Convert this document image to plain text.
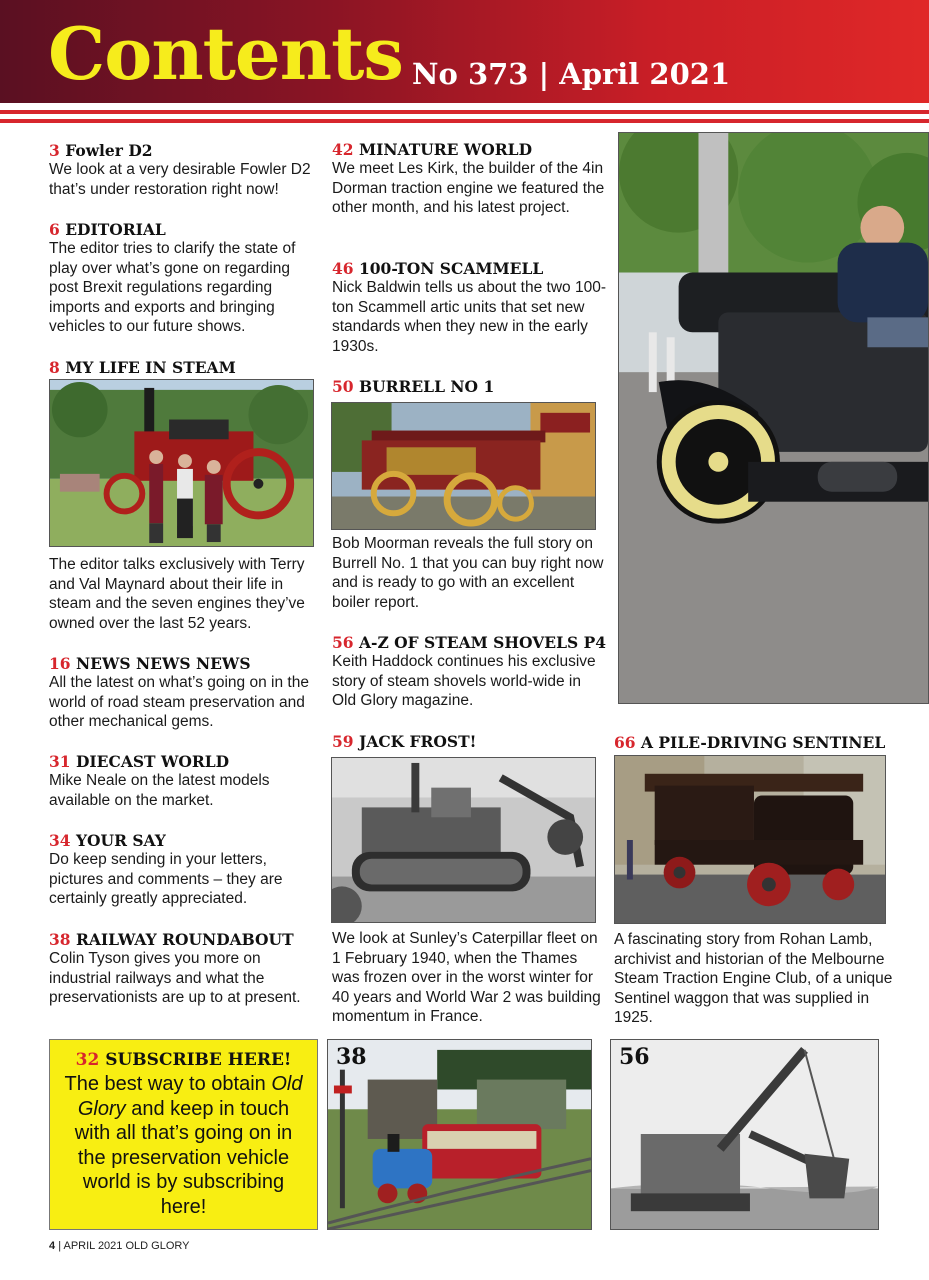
Contents No 373 | April 2021
3 Fowler D2
We look at a very desirable Fowler D2 that’s under restoration right now!
6 EDITORIAL
The editor tries to clarify the state of play over what’s gone on regarding post Brexit regulations regarding imports and exports and bringing vehicles to our future shows.
8 MY LIFE IN STEAM
The editor talks exclusively with Terry and Val Maynard about their life in steam and the seven engines they’ve owned over the last 52 years.
16 NEWS NEWS NEWS
All the latest on what’s going on in the world of road steam preservation and other mechanical gems.
31 DIECAST WORLD
Mike Neale on the latest models available on the market.
34 YOUR SAY
Do keep sending in your letters, pictures and comments – they are certainly greatly appreciated.
38 RAILWAY ROUNDABOUT
Colin Tyson gives you more on industrial railways and what the preservationists are up to at present.
42 MINATURE WORLD
We meet Les Kirk, the builder of the 4in Dorman traction engine we featured the other month, and his latest project.
46 100-TON SCAMMELL
Nick Baldwin tells us about the two 100-ton Scammell artic units that set new standards when they new in the early 1930s.
50 BURRELL NO 1
Bob Moorman reveals the full story on Burrell No. 1 that you can buy right now and is ready to go with an excellent boiler report.
56 A-Z OF STEAM SHOVELS P4
Keith Haddock continues his exclusive story of steam shovels world-wide in Old Glory magazine.
59 JACK FROST!
We look at Sunley’s Caterpillar fleet on 1 February 1940, when the Thames was frozen over in the worst winter for 40 years and World War 2 was building momentum in France.
66 A PILE-DRIVING SENTINEL
A fascinating story from Rohan Lamb, archivist and historian of the Melbourne Steam Traction Engine Club, of a unique Sentinel waggon that was supplied in 1925.
32 SUBSCRIBE HERE!
The best way to obtain Old Glory and keep in touch with all that’s going on in the preservation vehicle world is by subscribing here!
38	56
4 | APRIL 2021 OLD GLORY
